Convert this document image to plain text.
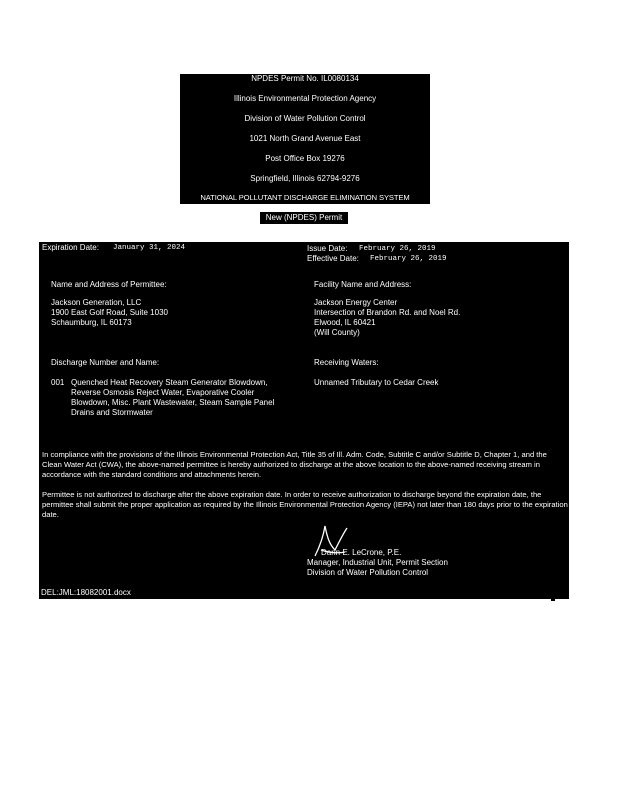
NPDES Permit No. IL0080134
Illinois Environmental Protection Agency
Division of Water Pollution Control
1021 North Grand Avenue East
Post Office Box 19276
Springfield, Illinois 62794-9276
NATIONAL POLLUTANT DISCHARGE ELIMINATION SYSTEM
New (NPDES) Permit
Expiration Date: January 31, 2024	Issue Date: February 26, 2019
Effective Date: February 26, 2019
Name and Address of Permittee:
Jackson Generation, LLC
1900 East Golf Road, Suite 1030
Schaumburg, IL 60173
Facility Name and Address:
Jackson Energy Center
Intersection of Brandon Rd. and Noel Rd.
Elwood, IL 60421
(Will County)
Discharge Number and Name:	Receiving Waters:
001 Quenched Heat Recovery Steam Generator Blowdown,
Reverse Osmosis Reject Water, Evaporative Cooler
Blowdown, Misc. Plant Wastewater, Steam Sample Panel
Drains and Stormwater
Unnamed Tributary to Cedar Creek
In compliance with the provisions of the Illinois Environmental Protection Act, Title 35 of Ill. Adm. Code, Subtitle C and/or Subtitle D, Chapter 1, and the Clean Water Act (CWA), the above-named permittee is hereby authorized to discharge at the above location to the above-named receiving stream in accordance with the standard conditions and attachments herein.
Permittee is not authorized to discharge after the above expiration date. In order to receive authorization to discharge beyond the expiration date, the permittee shall submit the proper application as required by the Illinois Environmental Protection Agency (IEPA) not later than 180 days prior to the expiration date.
Darin E. LeCrone, P.E.
Manager, Industrial Unit, Permit Section
Division of Water Pollution Control
DEL:JML:18082001.docx
